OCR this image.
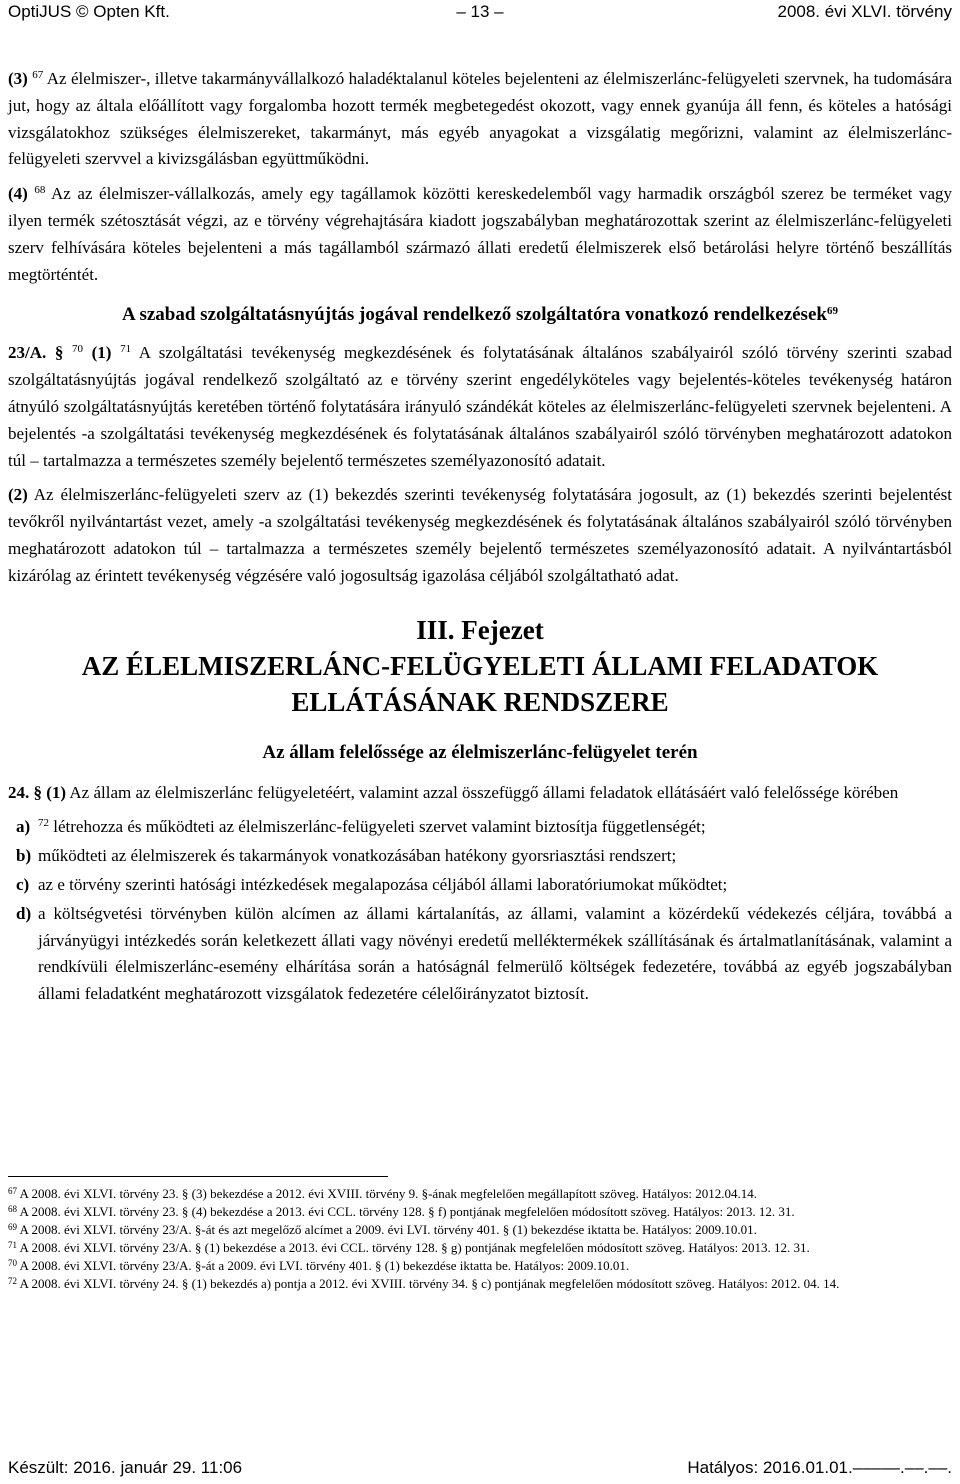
OptiJUS © Opten Kft.	– 13 –	2008. évi XLVI. törvény

(3) $^{67}$ Az élelmiszer-, illetve takarmányvállalkozó haladéktalanul köteles bejelenteni az élelmiszerlánc-felügyeleti szervnek, ha tudomására jut, hogy az általa előállított vagy forgalomba hozott termék megbetegedést okozott, vagy ennek gyanúja áll fenn, és köteles a hatósági vizsgálatokhoz szükséges élelmiszereket, takarmányt, más egyéb anyagokat a vizsgálatig megőrizni, valamint az élelmiszerlánc-felügyeleti szervvel a kivizsgálásban együttműködni.

(4) $^{68}$ Az az élelmiszer-vállalkozás, amely egy tagállamok közötti kereskedelemből vagy harmadik országból szerez be terméket vagy ilyen termék szétosztását végzi, az e törvény végrehajtására kiadott jogszabályban meghatározottak szerint az élelmiszerlánc-felügyeleti szerv felhívására köteles bejelenteni a más tagállamból származó állati eredetű élelmiszerek első betárolási helyre történő beszállítás megtörténtét.

A szabad szolgáltatásnyújtás jogával rendelkező szolgáltatóra vonatkozó rendelkezések$^{69}$

23/A. § $^{70}$ (1) $^{71}$ A szolgáltatási tevékenység megkezdésének és folytatásának általános szabályairól szóló törvény szerinti szabad szolgáltatásnyújtás jogával rendelkező szolgáltató az e törvény szerint engedélyköteles vagy bejelentés-köteles tevékenység határon átnyúló szolgáltatásnyújtás keretében történő folytatására irányuló szándékát köteles az élelmiszerlánc-felügyeleti szervnek bejelenteni. A bejelentés -a szolgáltatási tevékenység megkezdésének és folytatásának általános szabályairól szóló törvényben meghatározott adatokon túl – tartalmazza a természetes személy bejelentő természetes személyazonosító adatait.

(2) Az élelmiszerlánc-felügyeleti szerv az (1) bekezdés szerinti tevékenység folytatására jogosult, az (1) bekezdés szerinti bejelentést tevőkről nyilvántartást vezet, amely -a szolgáltatási tevékenység megkezdésének és folytatásának általános szabályairól szóló törvényben meghatározott adatokon túl – tartalmazza a természetes személy bejelentő természetes személyazonosító adatait. A nyilvántartásból kizárólag az érintett tevékenység végzésére való jogosultság igazolása céljából szolgáltatható adat.

III. Fejezet
AZ ÉLELMISZERLÁNC-FELÜGYELETI ÁLLAMI FELADATOK ELLÁTÁSÁNAK RENDSZERE
Az állam felelőssége az élelmiszerlánc-felügyelet terén

24. § (1) Az állam az élelmiszerlánc felügyeletéért, valamint azzal összefüggő állami feladatok ellátásáért való felelőssége körében

a) $^{72}$ létrehozza és működteti az élelmiszerlánc-felügyeleti szervet valamint biztosítja függetlenségét;
b) működteti az élelmiszerek és takarmányok vonatkozásában hatékony gyorsriasztási rendszert;
c) az e törvény szerinti hatósági intézkedések megalapozása céljából állami laboratóriumokat működtet;
d) a költségvetési törvényben külön alcímen az állami kártalanítás, az állami, valamint a közérdekű védekezés céljára, továbbá a járványügyi intézkedés során keletkezett állati vagy növényi eredetű melléktermékek szállításának és ártalmatlanításának, valamint a rendkívüli élelmiszerlánc-esemény elhárítása során a hatóságnál felmerülő költségek fedezetére, továbbá az egyéb jogszabályban állami feladatként meghatározott vizsgálatok fedezetére célelőirányzatot biztosít.
$^{67}$ A 2008. évi XLVI. törvény 23. § (3) bekezdése a 2012. évi XVIII. törvény 9. §-ának megfelelően megállapított szöveg. Hatályos: 2012.04.14.
$^{68}$ A 2008. évi XLVI. törvény 23. § (4) bekezdése a 2013. évi CCL. törvény 128. § f) pontjának megfelelően módosított szöveg. Hatályos: 2013. 12. 31.
$^{69}$ A 2008. évi XLVI. törvény 23/A. §-át és azt megelőző alcímet a 2009. évi LVI. törvény 401. § (1) bekezdése iktatta be. Hatályos: 2009.10.01.
$^{71}$ A 2008. évi XLVI. törvény 23/A. § (1) bekezdése a 2013. évi CCL. törvény 128. § g) pontjának megfelelően módosított szöveg. Hatályos: 2013. 12. 31.
$^{70}$ A 2008. évi XLVI. törvény 23/A. §-át a 2009. évi LVI. törvény 401. § (1) bekezdése iktatta be. Hatályos: 2009.10.01.
$^{72}$ A 2008. évi XLVI. törvény 24. § (1) bekezdés a) pontja a 2012. évi XVIII. törvény 34. § c) pontjának megfelelően módosított szöveg. Hatályos: 2012. 04. 14.
Készült: 2016. január 29. 11:06	Hatályos: 2016.01.01.–––––.––.––.
